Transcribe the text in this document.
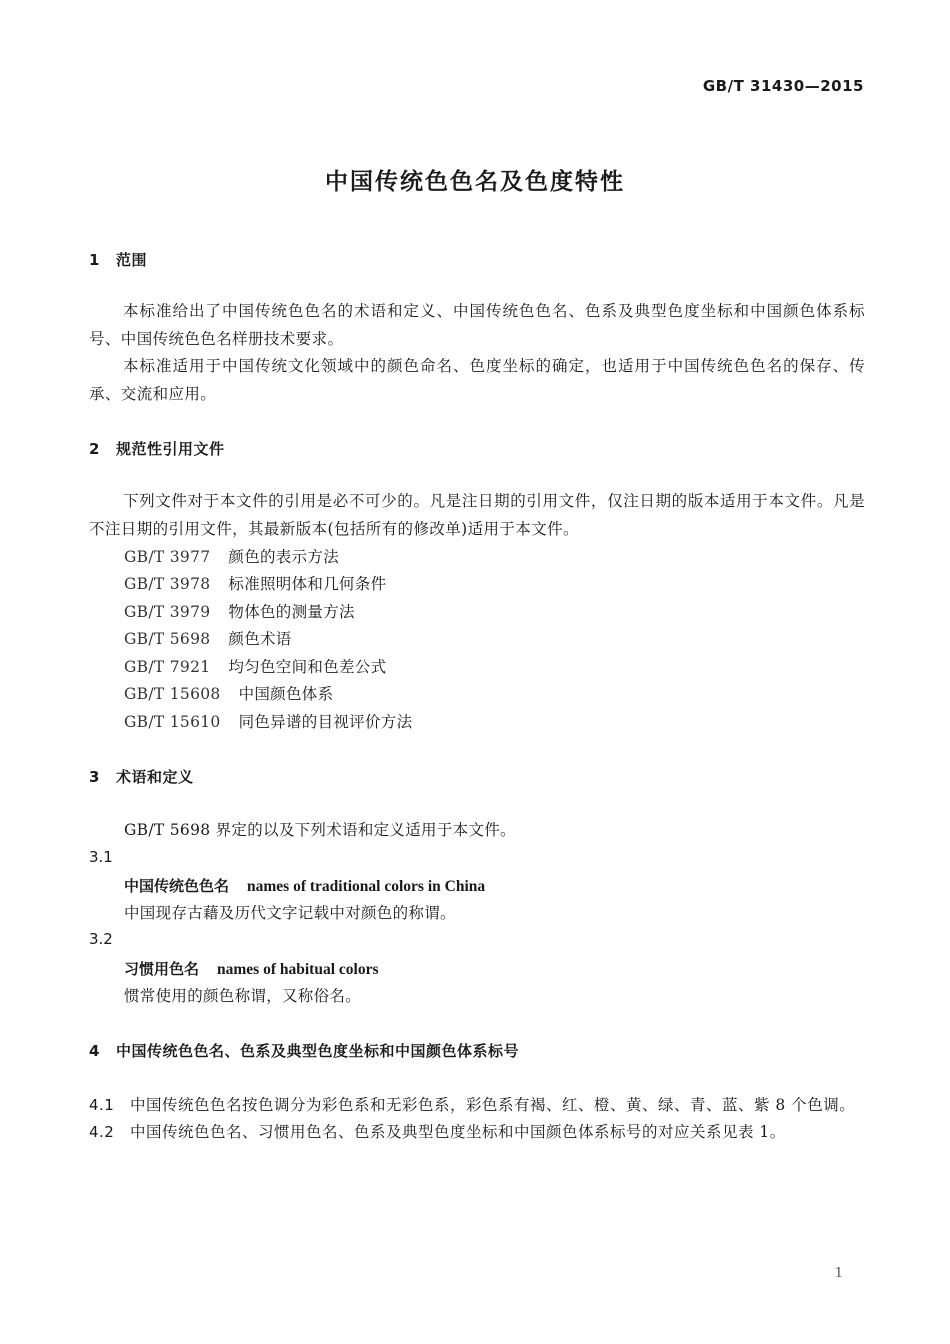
GB/T 31430—2015
中国传统色色名及色度特性
1 范围
本标准给出了中国传统色色名的术语和定义、中国传统色色名、色系及典型色度坐标和中国颜色体系标号、中国传统色色名样册技术要求。
本标准适用于中国传统文化领域中的颜色命名、色度坐标的确定，也适用于中国传统色色名的保存、传承、交流和应用。
2 规范性引用文件
下列文件对于本文件的引用是必不可少的。凡是注日期的引用文件，仅注日期的版本适用于本文件。凡是不注日期的引用文件，其最新版本(包括所有的修改单)适用于本文件。
GB/T 3977 颜色的表示方法
GB/T 3978 标准照明体和几何条件
GB/T 3979 物体色的测量方法
GB/T 5698 颜色术语
GB/T 7921 均匀色空间和色差公式
GB/T 15608 中国颜色体系
GB/T 15610 同色异谱的目视评价方法
3 术语和定义
GB/T 5698 界定的以及下列术语和定义适用于本文件。
3.1
中国传统色色名 names of traditional colors in China
中国现存古藉及历代文字记载中对颜色的称谓。
3.2
习惯用色名 names of habitual colors
惯常使用的颜色称谓，又称俗名。
4 中国传统色色名、色系及典型色度坐标和中国颜色体系标号
4.1 中国传统色色名按色调分为彩色系和无彩色系，彩色系有褐、红、橙、黄、绿、青、蓝、紫 8 个色调。
4.2 中国传统色色名、习惯用色名、色系及典型色度坐标和中国颜色体系标号的对应关系见表 1。
1
